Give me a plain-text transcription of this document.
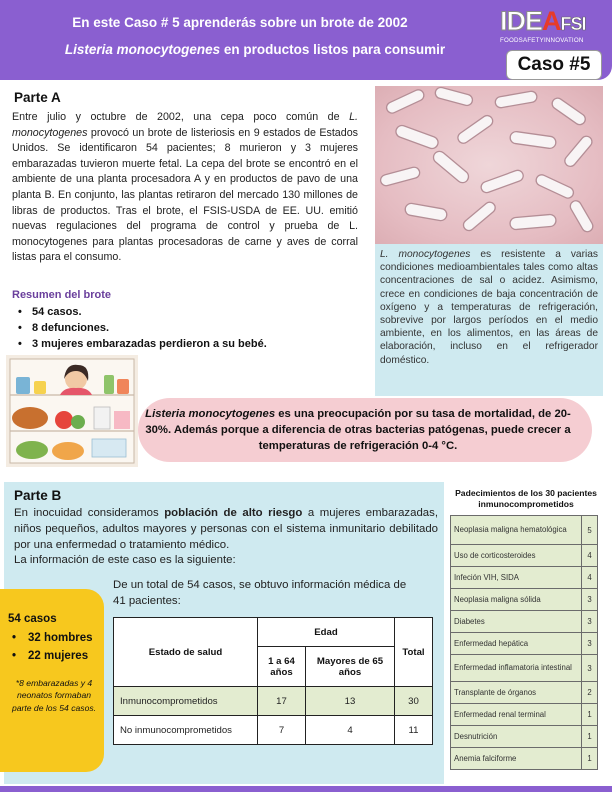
En este Caso # 5 aprenderás sobre un brote de 2002
Listeria monocytogenes en productos listos para consumir
IDEAFSI
FOODSAFETYINNOVATION
Caso #5
Parte A
Entre julio y octubre de 2002, una cepa poco común de L. monocytogenes provocó un brote de listeriosis en 9 estados de Estados Unidos. Se identificaron 54 pacientes; 8 murieron y 3 mujeres embarazadas tuvieron muerte fetal. La cepa del brote se encontró en el ambiente de una planta procesadora A y en productos de pavo de una planta B. En conjunto, las plantas retiraron del mercado 130 millones de libras de productos. Tras el brote, el FSIS-USDA de EE. UU. emitió nuevas regulaciones del programa de control y prueba de L. monocytogenes para plantas procesadoras de carne y aves de corral listas para el consumo.
Resumen del brote
• 54 casos.
• 8 defunciones.
• 3 mujeres embarazadas perdieron a su bebé.
L. monocytogenes es resistente a varias condiciones medioambientales tales como altas concentraciones de sal o acidez. Asimismo, crece en condiciones de baja concentración de oxígeno y a temperaturas de refrigeración, sobrevive por largos períodos en el medio ambiente, en los alimentos, en las áreas de elaboración, incluso en el refrigerador doméstico.
Listeria monocytogenes es una preocupación por su tasa de mortalidad, de 20-30%. Además porque a diferencia de otras bacterias patógenas, puede crecer a temperaturas de refrigeración 0-4 °C.
Parte B
En inocuidad consideramos población de alto riesgo a mujeres embarazadas, niños pequeños, adultos mayores y personas con el sistema inmunitario debilitado por una enfermedad o tratamiento médico.
La información de este caso es la siguiente:
De un total de 54 casos, se obtuvo información médica de 41 pacientes:
54 casos
• 32 hombres
• 22 mujeres
*8 embarazadas y 4 neonatos formaban parte de los 54 casos.
Estado de salud	Edad		Total
	1 a 64 años	Mayores de 65 años	
Inmunocomprometidos	17	13	30
No inmunocomprometidos	7	4	11
Padecimientos de los 30 pacientes inmunocomprometidos
Neoplasia maligna hematológica	5
Uso de corticosteroides	4
Infeción VIH, SIDA	4
Neoplasia maligna sólida	3
Diabetes	3
Enfermedad hepática	3
Enfermedad inflamatoria intestinal	3
Transplante de órganos	2
Enfermedad renal terminal	1
Desnutrición	1
Anemia falciforme	1
